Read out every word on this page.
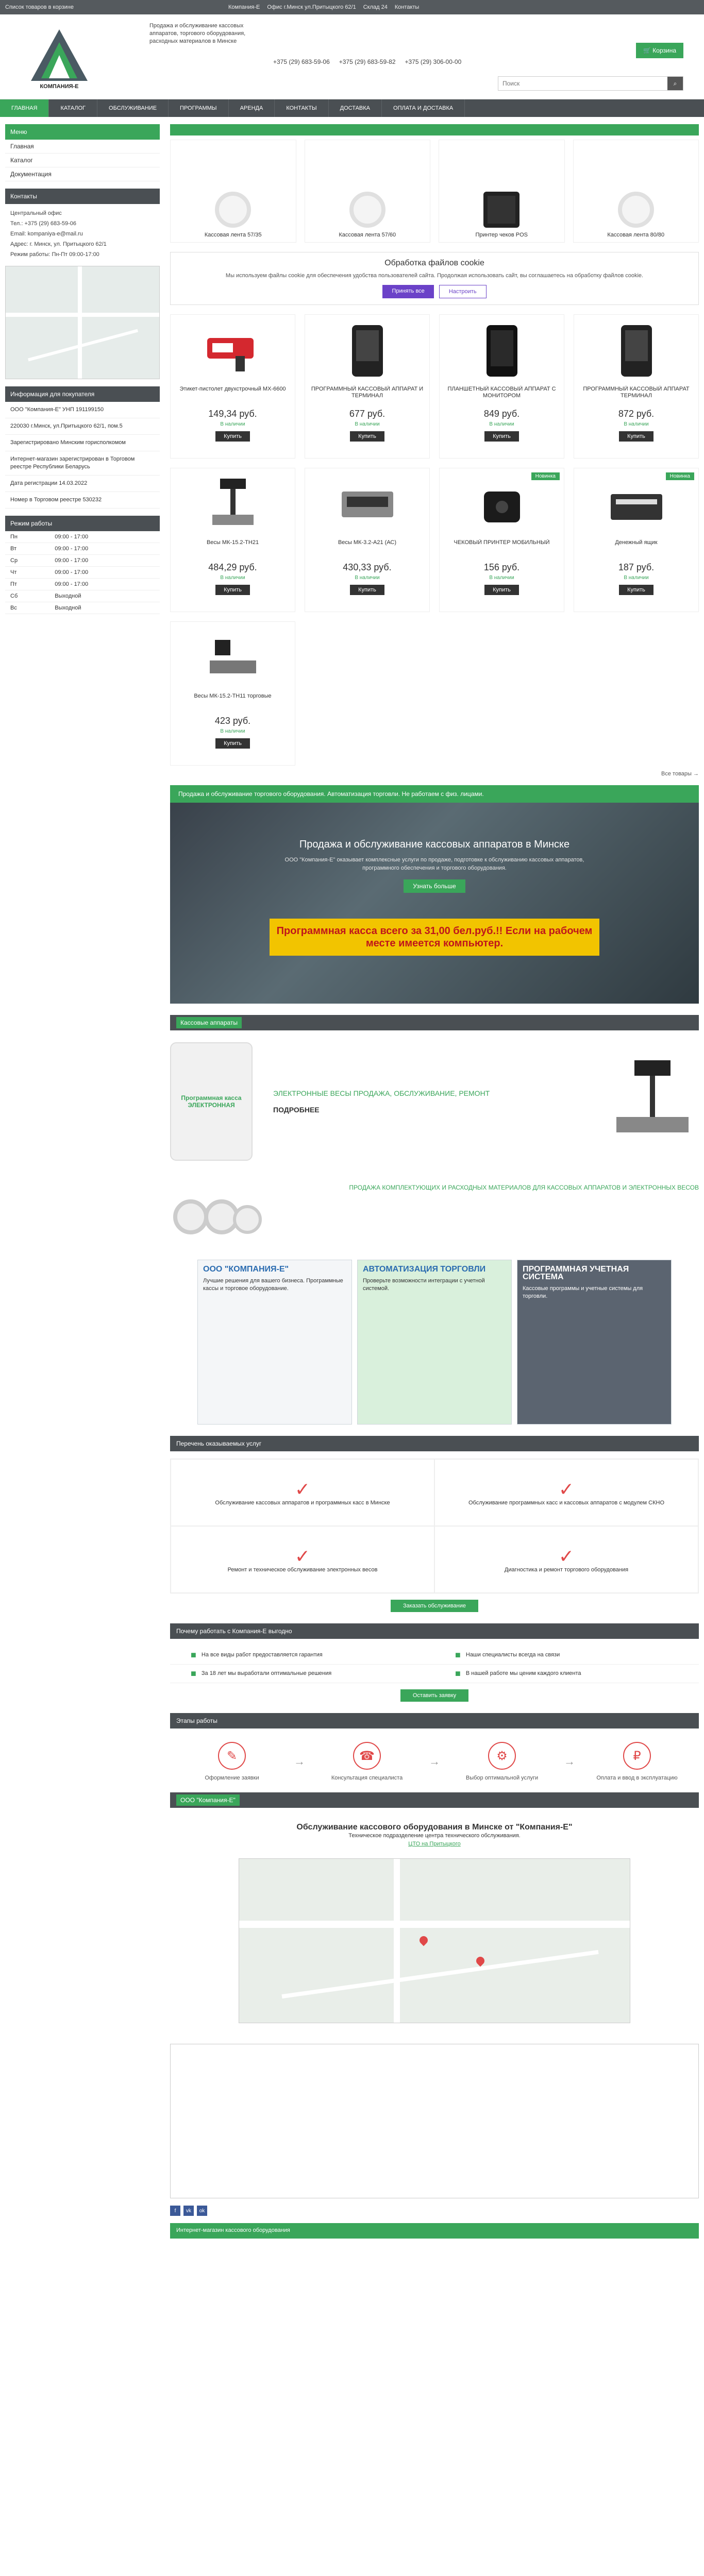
Список товаров в корзине	Компания-Е Офис г.Минск ул.Притыцкого 62/1 Склад 24 Контакты
КОМПАНИЯ-Е
Продажа и обслуживание кассовых аппаратов, торгового оборудования, расходных материалов в Минске
+375 (29) 683-59-06 +375 (29) 683-59-82 +375 (29) 306-00-00
🛒 Корзина
Поиск
⌕
ГЛАВНАЯ	КАТАЛОГ	ОБСЛУЖИВАНИЕ	ПРОГРАММЫ	АРЕНДА	КОНТАКТЫ	ДОСТАВКА	ОПЛАТА И ДОСТАВКА
Меню
Главная
Каталог
Документация
Контакты

Центральный офис

Тел.: +375 (29) 683-59-06

Email: kompaniya-e@mail.ru

Адрес: г. Минск, ул. Притыцкого 62/1

Режим работы: Пн-Пт 09:00-17:00

Информация для покупателя
ООО "Компания-Е" УНП 191199150
220030 г.Минск, ул.Притыцкого 62/1, пом.5
Зарегистрировано Минским горисполкомом
Интернет-магазин зарегистрирован в Торговом реестре Республики Беларусь
Дата регистрации 14.03.2022
Номер в Торговом реестре 530232
Режим работы
Пн	09:00 - 17:00
Вт	09:00 - 17:00
Ср	09:00 - 17:00
Чт	09:00 - 17:00
Пт	09:00 - 17:00
Сб	Выходной
Вс	Выходной
Кассовая лента 57/35	Кассовая лента 57/60	Принтер чеков POS	Кассовая лента 80/80
Обработка файлов cookie

Мы используем файлы cookie для обеспечения удобства пользователей сайта. Продолжая использовать сайт, вы соглашаетесь на обработку файлов cookie.

Принять все	Настроить
Этикет-пистолет двухстрочный MX-6600
149,34 руб.
В наличии
Купить
ПРОГРАММНЫЙ КАССОВЫЙ АППАРАТ И ТЕРМИНАЛ
677 руб.
В наличии
Купить
ПЛАНШЕТНЫЙ КАССОВЫЙ АППАРАТ С МОНИТОРОМ
849 руб.
В наличии
Купить
ПРОГРАММНЫЙ КАССОВЫЙ АППАРАТ ТЕРМИНАЛ
872 руб.
В наличии
Купить
Весы МК-15.2-ТН21
484,29 руб.
В наличии
Купить
Весы МК-3.2-А21 (АС)
430,33 руб.
В наличии
Купить
Новинка
ЧЕКОВЫЙ ПРИНТЕР МОБИЛЬНЫЙ
156 руб.
В наличии
Купить
Новинка
Денежный ящик
187 руб.
В наличии
Купить
Весы МК-15.2-ТН11 торговые
423 руб.
В наличии
Купить
Все товары →
Продажа и обслуживание торгового оборудования. Автоматизация торговли. Не работаем с физ. лицами.
Продажа и обслуживание кассовых аппаратов в Минске

ООО "Компания-Е" оказывает комплексные услуги по продаже, подготовке к обслуживанию кассовых аппаратов, программного обеспечения и торгового оборудования.

Узнать больше
Программная касса всего за 31,00 бел.руб.!! Если на рабочем месте имеется компьютер.
Кассовые аппараты
Программная касса ЭЛЕКТРОННАЯ
ЭЛЕКТРОННЫЕ ВЕСЫ ПРОДАЖА, ОБСЛУЖИВАНИЕ, РЕМОНТ

ПОДРОБНЕЕ
ПРОДАЖА КОМПЛЕКТУЮЩИХ И РАСХОДНЫХ МАТЕРИАЛОВ ДЛЯ КАССОВЫХ АППАРАТОВ И ЭЛЕКТРОННЫХ ВЕСОВ
ООО "КОМПАНИЯ-Е"

Лучшие решения для вашего бизнеса. Программные кассы и торговое оборудование.

АВТОМАТИЗАЦИЯ ТОРГОВЛИ

Проверьте возможности интеграции с учетной системой.

ПРОГРАММНАЯ УЧЕТНАЯ СИСТЕМА

Кассовые программы и учетные системы для торговли.

Перечень оказываемых услуг
✓
Обслуживание кассовых аппаратов и программных касс в Минске
✓
Обслуживание программных касс и кассовых аппаратов с модулем СКНО
✓
Ремонт и техническое обслуживание электронных весов
✓
Диагностика и ремонт торгового оборудования
Заказать обслуживание
Почему работать с Компания-Е выгодно
■ На все виды работ предоставляется гарантия	■ Наши специалисты всегда на связи
■ За 18 лет мы выработали оптимальные решения	■ В нашей работе мы ценим каждого клиента
Оставить заявку
Этапы работы
✎
Оформление заявки
→	☎
Консультация специалиста
→	⚙
Выбор оптимальной услуги
→	₽
Оплата и ввод в эксплуатацию
ООО "Компания-Е"
Обслуживание кассового оборудования в Минске от "Компания-Е"

Техническое подразделение центра технического обслуживания.

ЦТО на Притыцкого

f	vk	ok
Интернет-магазин кассового оборудования
